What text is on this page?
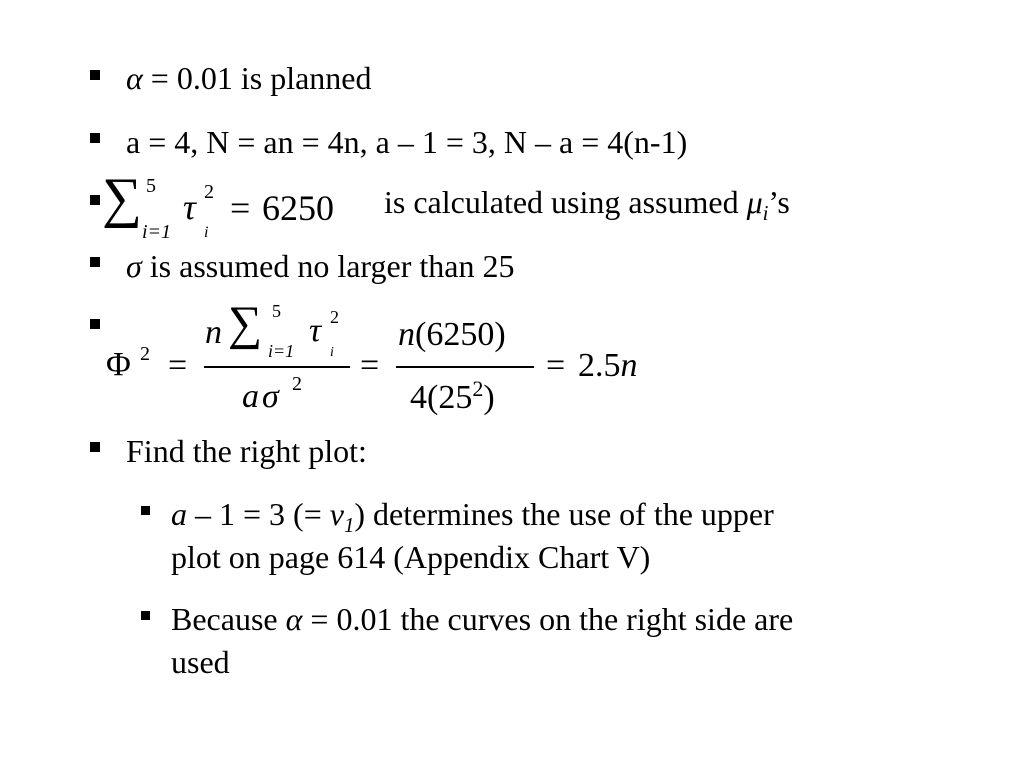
α = 0.01 is planned
a = 4, N = an = 4n, a – 1 = 3, N – a = 4(n-1)
∑ 5
i=1
τ 2
i
= 6250 is calculated using assumed $\mu_i’s$
σ is assumed no larger than 25
Φ 2 =
n ∑ 5
i=1
τ 2
i
a σ 2 =
n(6250)
$4(25^2)$
= 2.5n
Find the right plot:
a – 1 = 3 (= $v_1$) determines the use of the upper
plot on page 614 (Appendix Chart V)
Because α = 0.01 the curves on the right side are
used
